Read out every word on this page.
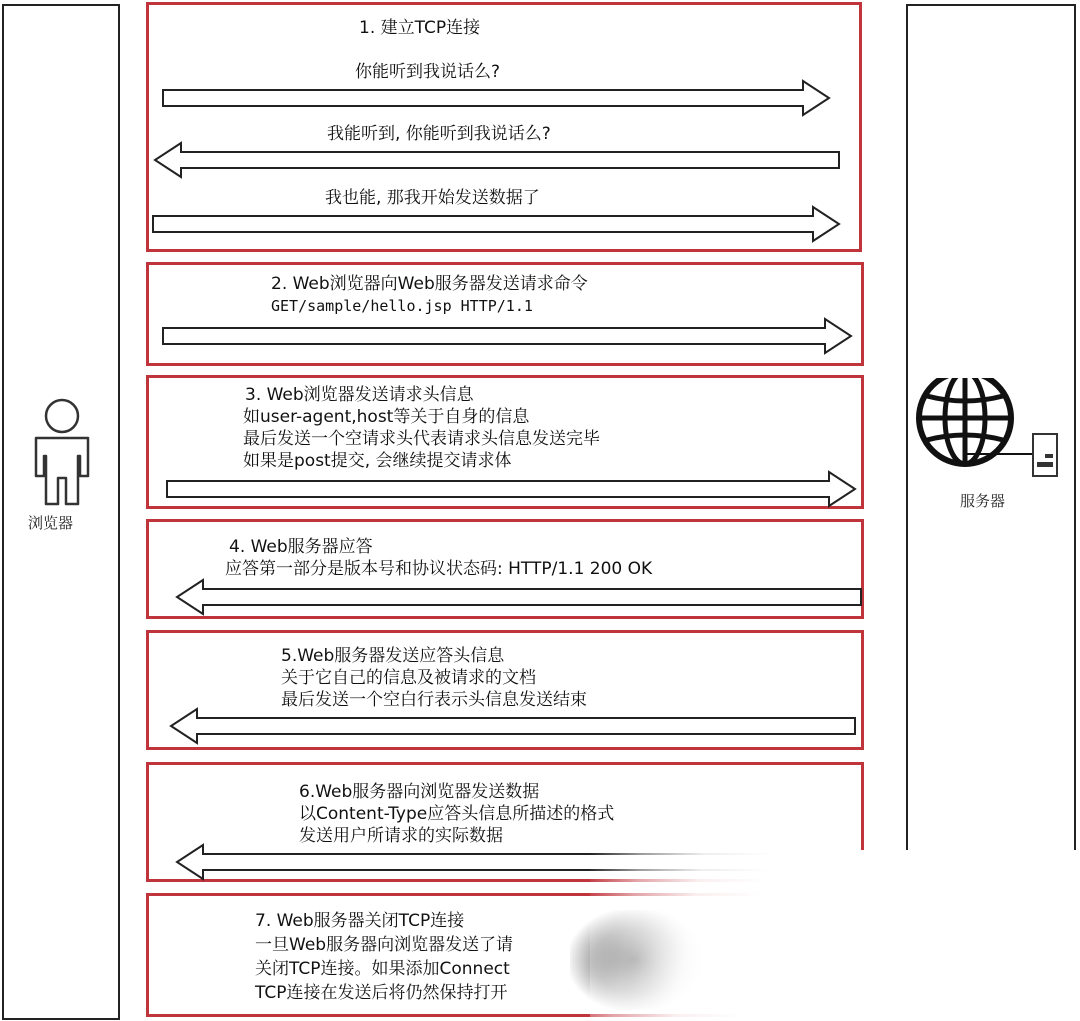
浏览器
服务器
1. 建立TCP连接
你能听到我说话么?
我能听到, 你能听到我说话么?
我也能, 那我开始发送数据了
2. Web浏览器向Web服务器发送请求命令
GET/sample/hello.jsp HTTP/1.1
3. Web浏览器发送请求头信息
如user-agent,host等关于自身的信息
最后发送一个空请求头代表请求头信息发送完毕
如果是post提交, 会继续提交请求体
4. Web服务器应答
应答第一部分是版本号和协议状态码: HTTP/1.1 200 OK
5.Web服务器发送应答头信息
关于它自己的信息及被请求的文档
最后发送一个空白行表示头信息发送结束
6.Web服务器向浏览器发送数据
以Content-Type应答头信息所描述的格式
发送用户所请求的实际数据
7. Web服务器关闭TCP连接
一旦Web服务器向浏览器发送了请
关闭TCP连接。如果添加Connect
TCP连接在发送后将仍然保持打开
